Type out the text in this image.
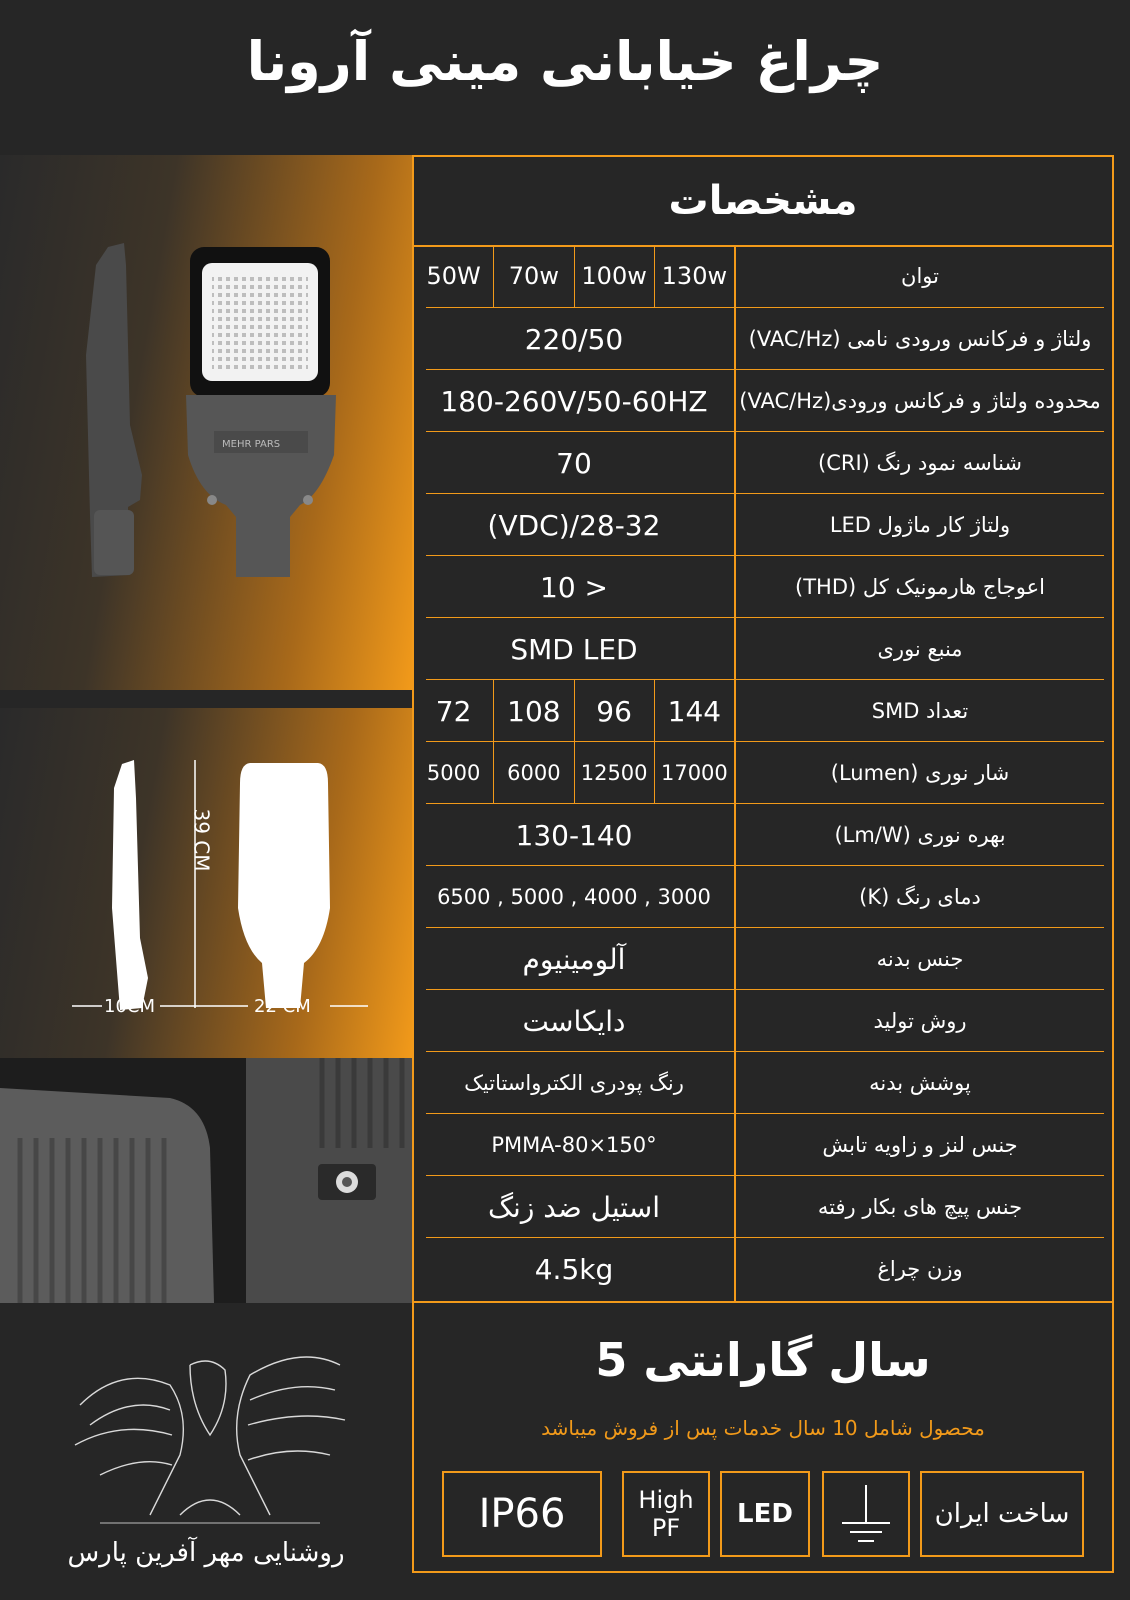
چراغ خیابانی مینی آرونا
MEHR PARS
39 CM
10CM	22 CM
مشخصات
توان
50W	70w 100w 130w
ولتاژ و فرکانس ورودی نامی (VAC/Hz)
220/50
محدوده ولتاژ و فرکانس ورودی(VAC/Hz)
180-260V/50-60HZ
شناسه نمود رنگ (CRI)
70
ولتاژ کار ماژول LED
(VDC)/28-32
اعوجاج هارمونیک کل (THD)
10 >
منبع نوری
SMD LED
تعداد SMD
72	108	96	144
شار نوری (Lumen)
5000	6000 12500 17000
بهره نوری (Lm/W)
130-140
دمای رنگ (K)
6500 , 5000 , 4000 , 3000
جنس بدنه
آلومینیوم
روش تولید
دایکاست
پوشش بدنه
رنگ پودری الکترواستاتیک
جنس لنز و زاویه تابش
PMMA-80×150°
جنس پیچ های بکار رفته
استیل ضد زنگ
وزن چراغ
4.5kg
5 سال گارانتی
محصول شامل 10 سال خدمات پس از فروش میباشد
IP66	High
PF	LED	ساخت ایران
روشنایی مهر آفرین پارس
